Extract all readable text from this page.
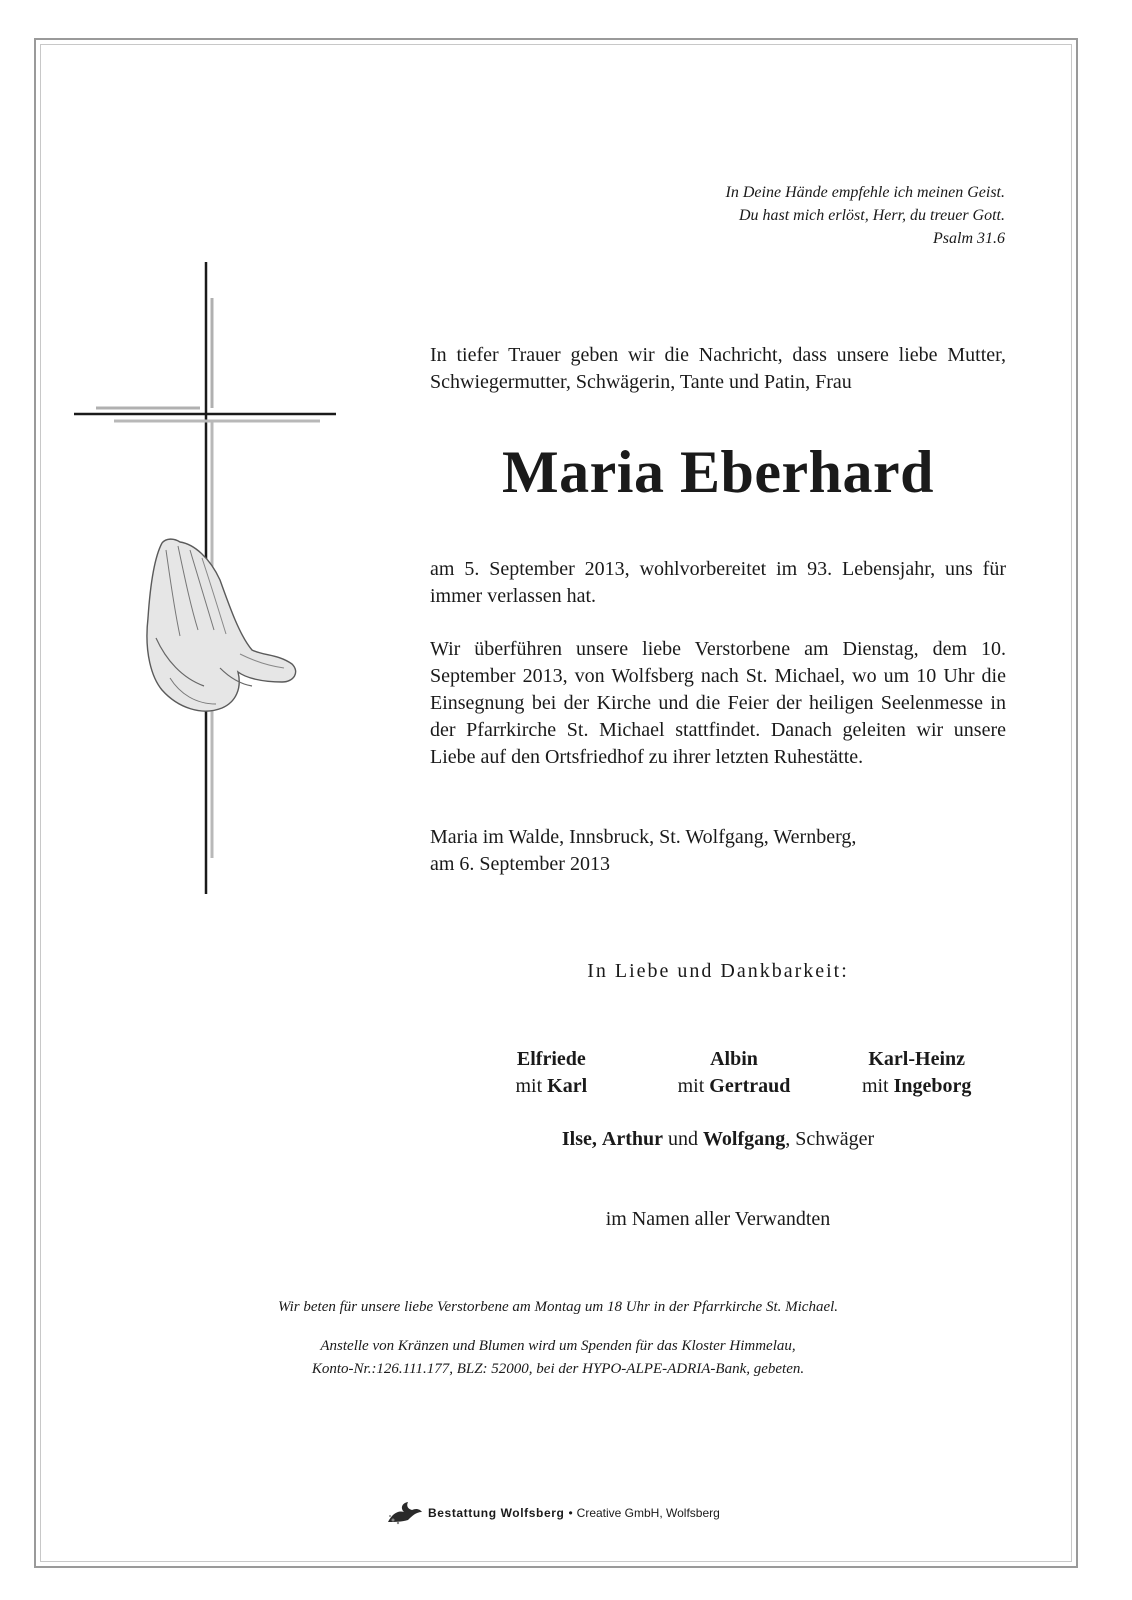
In Deine Hände empfehle ich meinen Geist.
Du hast mich erlöst, Herr, du treuer Gott.
Psalm 31.6
In tiefer Trauer geben wir die Nachricht, dass unsere liebe Mutter, Schwiegermutter, Schwägerin, Tante und Patin, Frau
Maria Eberhard
am 5. September 2013, wohlvorbereitet im 93. Lebensjahr, uns für immer verlassen hat.
Wir überführen unsere liebe Verstorbene am Dienstag, dem 10. September 2013, von Wolfsberg nach St. Michael, wo um 10 Uhr die Einsegnung bei der Kirche und die Feier der heiligen Seelenmesse in der Pfarrkirche St. Michael stattfindet. Danach geleiten wir unsere Liebe auf den Ortsfriedhof zu ihrer letzten Ruhestätte.
Maria im Walde, Innsbruck, St. Wolfgang, Wernberg,
am 6. September 2013
In Liebe und Dankbarkeit:
Elfriede
mit Karl
Albin
mit Gertraud
Karl-Heinz
mit Ingeborg
Ilse, Arthur und Wolfgang, Schwäger
im Namen aller Verwandten
Wir beten für unsere liebe Verstorbene am Montag um 18 Uhr in der Pfarrkirche St. Michael.
Anstelle von Kränzen und Blumen wird um Spenden für das Kloster Himmelau,
Konto-Nr.:126.111.177, BLZ: 52000, bei der HYPO-ALPE-ADRIA-Bank, gebeten.
Bestattung Wolfsberg • Creative GmbH, Wolfsberg
